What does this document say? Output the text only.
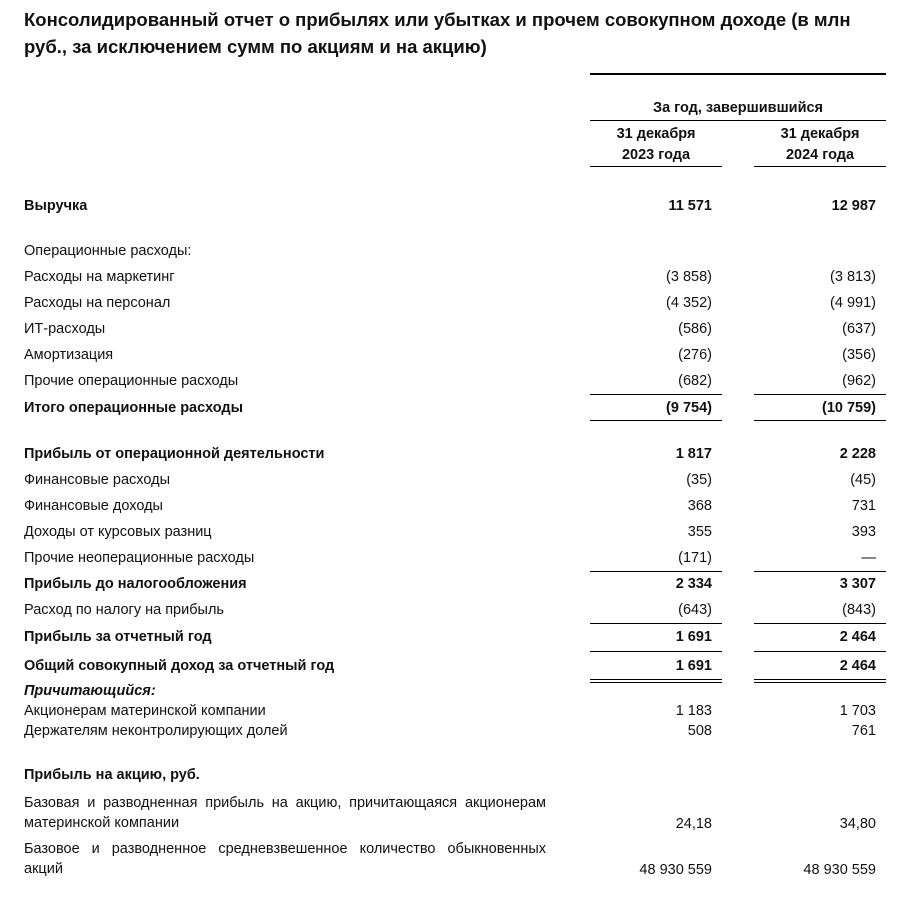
Консолидированный отчет о прибылях или убытках и прочем совокупном доходе (в млн руб., за исключением сумм по акциям и на акцию)
За год, завершившийся
31 декабря
2023 года
31 декабря
2024 года
Выручка	11 571	12 987
Операционные расходы:
Расходы на маркетинг	(3 858)	(3 813)
Расходы на персонал	(4 352)	(4 991)
ИТ-расходы	(586)	(637)
Амортизация	(276)	(356)
Прочие операционные расходы	(682)	(962)
Итого операционные расходы	(9 754)	(10 759)
Прибыль от операционной деятельности	1 817	2 228
Финансовые расходы	(35)	(45)
Финансовые доходы	368	731
Доходы от курсовых разниц	355	393
Прочие неоперационные расходы	(171)	—
Прибыль до налогообложения	2 334	3 307
Расход по налогу на прибыль	(643)	(843)
Прибыль за отчетный год	1 691	2 464
Общий совокупный доход за отчетный год	1 691	2 464
Причитающийся:
Акционерам материнской компании	1 183	1 703
Держателям неконтролирующих долей	508	761
Прибыль на акцию, руб.
Базовая и разводненная прибыль на акцию, причитающаяся акционерам материнской компании	24,18	34,80
Базовое и разводненное средневзвешенное количество обыкновенных акций	48 930 559	48 930 559
